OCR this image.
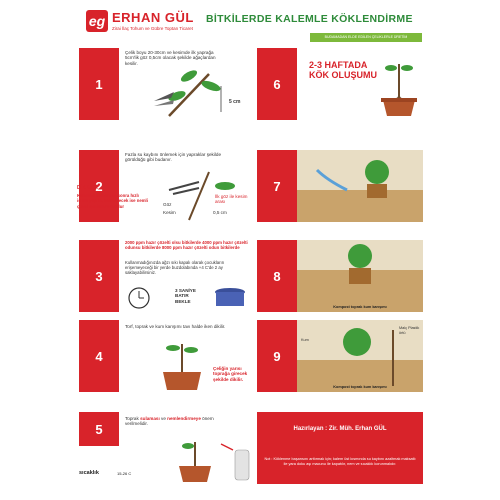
eg ERHAN GÜL
Zirai İlaç Tohum ve Gübre Toptan Ticaret
BİTKİLERDE KALEMLE KÖKLENDİRME
BUDAMADAN ELDE EDİLEN ÇELİKLERLE ÜRETİM
1
Çelik boyu 20-30cm ve kesimde ilk yaprağa 5cm'lik göz 0,5cm olacak şekilde ağaçlardan kesilir.
5 cm
6
2-3 HAFTADA KÖK OLUŞUMU
2
Fazla su kaybını önlemek için yapraklar şekilde görüldüğü gibi budanır.
DİKKAT :
Kalemler alındıktan sonra hızlı işlem yapılır, bekletilecek ise nemli çuval içerisinde tutulur	Göz
Kesim
İlk göz ile kesim arası
0,5 cm
7
3
2000 ppm hazır çözelti olsu bitkilerde 4000 ppm hazır çözelti odunsu bitkilerde 8000 ppm hazır çözelti odun bitkilerde
Kullanmadığınızda ağzı sıkı kapalı olarak çocukların erişemeyeceği bir yerde buzdolabında +4 C'de 2 ay saklayabilirsiniz.
3 SANİYE BATIR BEKLE
8
Kompost toprak kum karışımı
4
Torf, toprak ve kum karışımı tavı halde iken dikilir.
Çeliğin yarısı toprağa girecek şekilde dikilir.
9
Kum
Malç Plastik örtü
Kompost toprak kum karışımı
5
Toprak sulaması ve nemlendirmeye önem verilmelidir.
Hazırlayan : Zir. Müh. Erhan GÜL
Not : Köklenme başarısını arttırmak için; kalem üst kısmında su kaybını azaltmak maksatlı ile yara doku aşı macunu ile kapatılır, nem ve sıcaklık korunmalıdır.
sıcaklık	15-26 C
